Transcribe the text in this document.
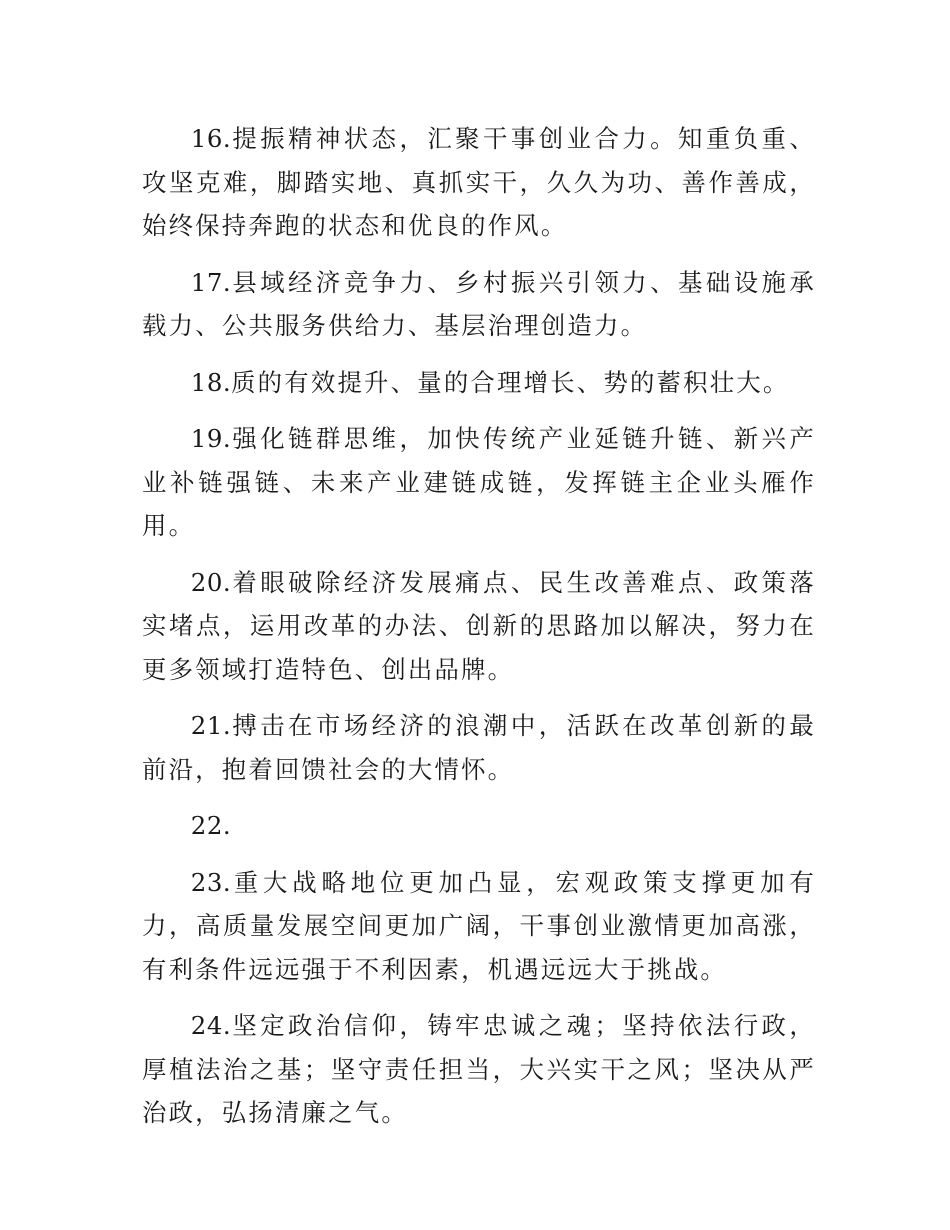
16.提振精神状态，汇聚干事创业合力。知重负重、攻坚克难，脚踏实地、真抓实干，久久为功、善作善成，始终保持奔跑的状态和优良的作风。

17.县域经济竞争力、乡村振兴引领力、基础设施承载力、公共服务供给力、基层治理创造力。

18.质的有效提升、量的合理增长、势的蓄积壮大。

19.强化链群思维，加快传统产业延链升链、新兴产业补链强链、未来产业建链成链，发挥链主企业头雁作用。

20.着眼破除经济发展痛点、民生改善难点、政策落实堵点，运用改革的办法、创新的思路加以解决，努力在更多领域打造特色、创出品牌。

21.搏击在市场经济的浪潮中，活跃在改革创新的最前沿，抱着回馈社会的大情怀。

22.

23.重大战略地位更加凸显，宏观政策支撑更加有力，高质量发展空间更加广阔，干事创业激情更加高涨，有利条件远远强于不利因素，机遇远远大于挑战。

24.坚定政治信仰，铸牢忠诚之魂；坚持依法行政，厚植法治之基；坚守责任担当，大兴实干之风；坚决从严治政，弘扬清廉之气。
